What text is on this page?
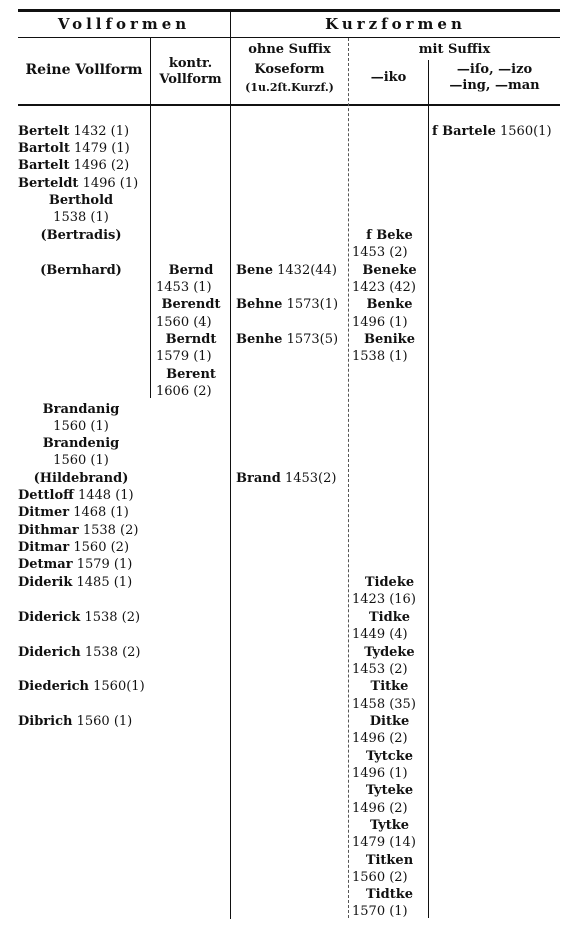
Vollformen	Kurzformen
Reine Vollform	kontr.
Vollform
ohne Suffix
Koseform
(1u.2ſt.Kurzf.)
mit Suffix
—iko
—iſo, —izo
—ing, —man
Bertelt 1432 (1)
Bartolt 1479 (1)
Bartelt 1496 (2)
Berteldt 1496 (1)
Berthold
1538 (1)
(Bertradis)
(Bernhard)
Brandanig
1560 (1)
Brandenig
1560 (1)
(Hildebrand)
Dettloff 1448 (1)
Ditmer 1468 (1)
Dithmar 1538 (2)
Ditmar 1560 (2)
Detmar 1579 (1)
Diderik 1485 (1)
Diderick 1538 (2)
Diderich 1538 (2)
Diederich 1560(1)
Dibrich 1560 (1)
Bernd
1453 (1)
Berendt
1560 (4)
Berndt
1579 (1)
Berent
1606 (2)
Bene 1432(44)
Behne 1573(1)
Benhe 1573(5)
Brand 1453(2)
f Beke
1453 (2)
Beneke
1423 (42)
Benke
1496 (1)
Benike
1538 (1)
Tideke
1423 (16)
Tidke
1449 (4)
Tydeke
1453 (2)
Titke
1458 (35)
Ditke
1496 (2)
Tytcke
1496 (1)
Tyteke
1496 (2)
Tytke
1479 (14)
Titken
1560 (2)
Tidtke
1570 (1)
f Bartele 1560(1)
